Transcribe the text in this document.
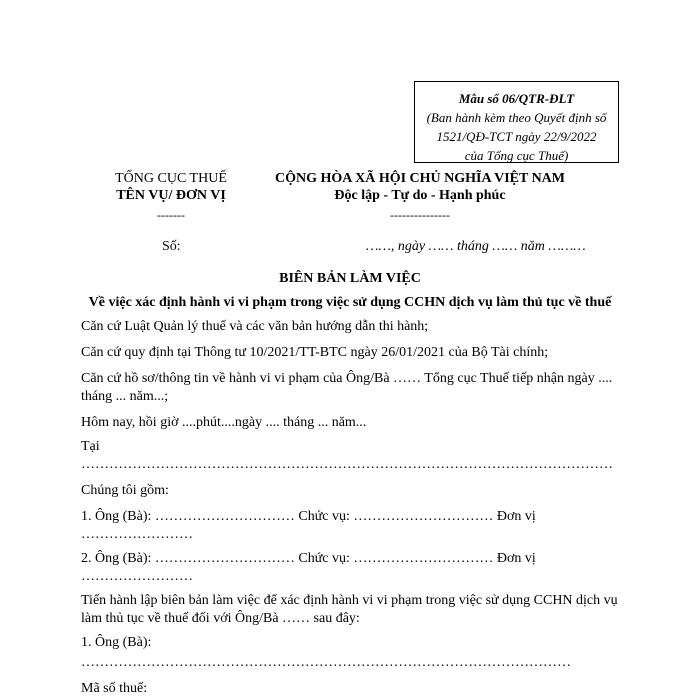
Mẫu số 06/QTR-ĐLT
(Ban hành kèm theo Quyết định số
1521/QĐ-TCT ngày 22/9/2022
của Tổng cục Thuế)
TỔNG CỤC THUẾ
TÊN VỤ/ ĐƠN VỊ
-------
Số:
CỘNG HÒA XÃ HỘI CHỦ NGHĨA VIỆT NAM
Độc lập - Tự do - Hạnh phúc
---------------
……, ngày …… tháng …… năm ………
BIÊN BẢN LÀM VIỆC
Về việc xác định hành vi vi phạm trong việc sử dụng CCHN dịch vụ làm thủ tục về thuế
Căn cứ Luật Quản lý thuế và các văn bản hướng dẫn thi hành;
Căn cứ quy định tại Thông tư 10/2021/TT-BTC ngày 26/01/2021 của Bộ Tài chính;
Căn cứ hồ sơ/thông tin về hành vi vi phạm của Ông/Bà …… Tổng cục Thuế tiếp nhận ngày ....
tháng ... năm...;
Hôm nay, hồi giờ ....phút....ngày .... tháng ... năm...
Tại
……………………………………………………………………………………………………
Chúng tôi gồm:
1. Ông (Bà): ………………………… Chức vụ: ………………………… Đơn vị
……………………
2. Ông (Bà): ………………………… Chức vụ: ………………………… Đơn vị
……………………
Tiến hành lập biên bản làm việc để xác định hành vi vi phạm trong việc sử dụng CCHN dịch vụ
làm thủ tục về thuế đối với Ông/Bà …… sau đây:
1. Ông (Bà):
……………………………………………………………………………………………
Mã số thuế:
